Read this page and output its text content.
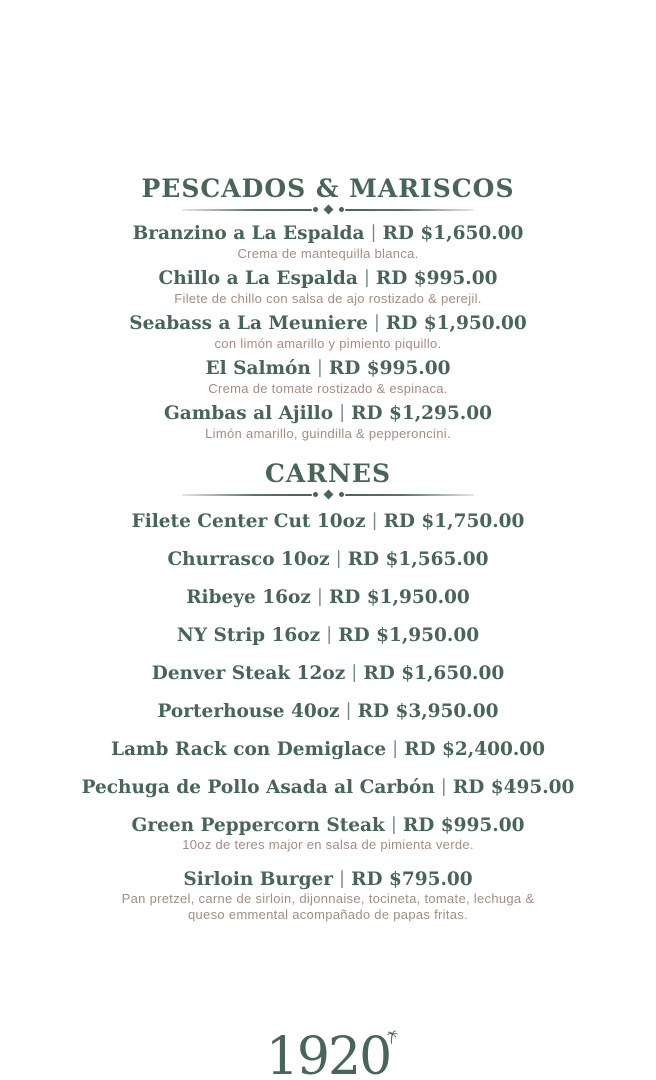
PESCADOS & MARISCOS
Branzino a La Espalda | RD $1,650.00
Crema de mantequilla blanca.
Chillo a La Espalda | RD $995.00
Filete de chillo con salsa de ajo rostizado & perejil.
Seabass a La Meuniere | RD $1,950.00
con limón amarillo y pimiento piquillo.
El Salmón | RD $995.00
Crema de tomate rostizado & espinaca.
Gambas al Ajillo | RD $1,295.00
Limón amarillo, guindilla & pepperoncini.
CARNES
Filete Center Cut 10oz | RD $1,750.00
Churrasco 10oz | RD $1,565.00
Ribeye 16oz | RD $1,950.00
NY Strip 16oz | RD $1,950.00
Denver Steak 12oz | RD $1,650.00
Porterhouse 40oz | RD $3,950.00
Lamb Rack con Demiglace | RD $2,400.00
Pechuga de Pollo Asada al Carbón | RD $495.00
Green Peppercorn Steak | RD $995.00
10oz de teres major en salsa de pimienta verde.
Sirloin Burger | RD $795.00
Pan pretzel, carne de sirloin, dijonnaise, tocineta, tomate, lechuga & queso emmental acompañado de papas fritas.
1920
